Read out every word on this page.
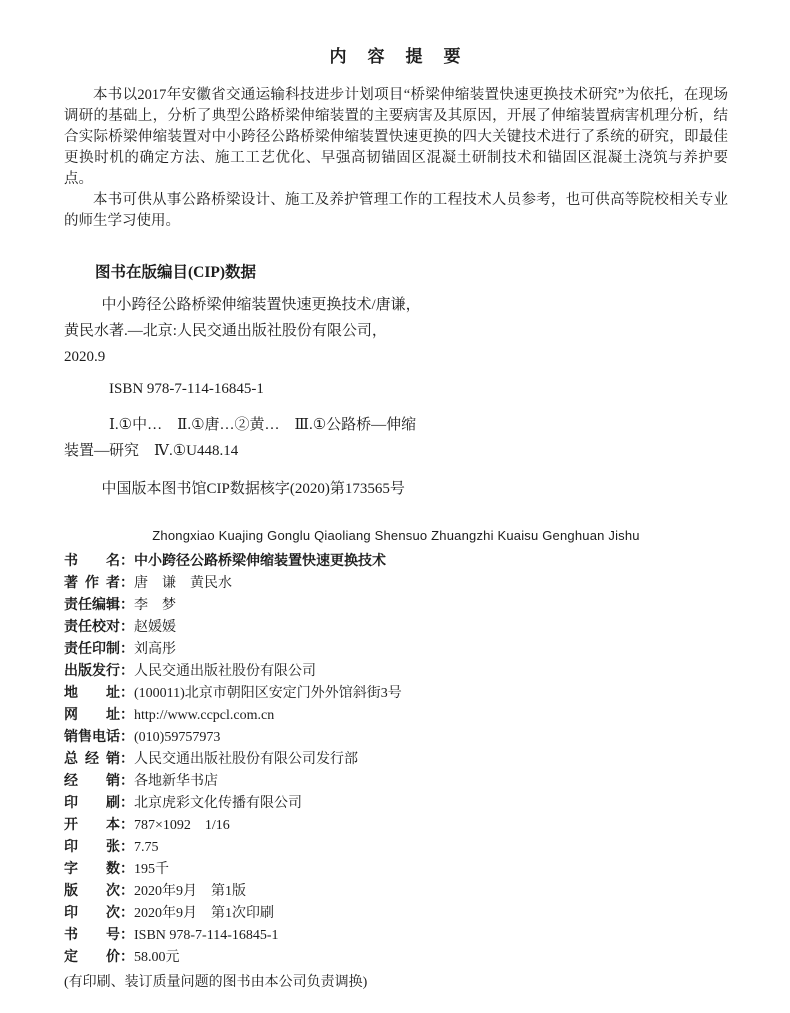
内　容　提　要

本书以2017年安徽省交通运输科技进步计划项目“桥梁伸缩装置快速更换技术研究”为依托，在现场调研的基础上，分析了典型公路桥梁伸缩装置的主要病害及其原因，开展了伸缩装置病害机理分析，结合实际桥梁伸缩装置对中小跨径公路桥梁伸缩装置快速更换的四大关键技术进行了系统的研究，即最佳更换时机的确定方法、施工工艺优化、早强高韧锚固区混凝土研制技术和锚固区混凝土浇筑与养护要点。

本书可供从事公路桥梁设计、施工及养护管理工作的工程技术人员参考，也可供高等院校相关专业的师生学习使用。

图书在版编目(CIP)数据
中小跨径公路桥梁伸缩装置快速更换技术/唐谦，
黄民水著.—北京:人民交通出版社股份有限公司，
2020.9
ISBN 978-7-114-16845-1
Ⅰ.①中…　Ⅱ.①唐…②黄…　Ⅲ.①公路桥—伸缩
装置—研究　Ⅳ.①U448.14
中国版本图书馆CIP数据核字(2020)第173565号
Zhongxiao Kuajing Gonglu Qiaoliang Shensuo Zhuangzhi Kuaisu Genghuan Jishu
书　　名：中小跨径公路桥梁伸缩装置快速更换技术
著 作 者：唐　谦　黄民水
责任编辑：李　梦
责任校对：赵媛媛
责任印制：刘高彤
出版发行：人民交通出版社股份有限公司
地　　址：(100011)北京市朝阳区安定门外外馆斜街3号
网　　址：http://www.ccpcl.com.cn
销售电话：(010)59757973
总 经 销：人民交通出版社股份有限公司发行部
经　　销：各地新华书店
印　　刷：北京虎彩文化传播有限公司
开　　本：787×1092　1/16
印　　张：7.75
字　　数：195千
版　　次：2020年9月　第1版
印　　次：2020年9月　第1次印刷
书　　号：ISBN 978-7-114-16845-1
定　　价：58.00元
(有印刷、装订质量问题的图书由本公司负责调换)
